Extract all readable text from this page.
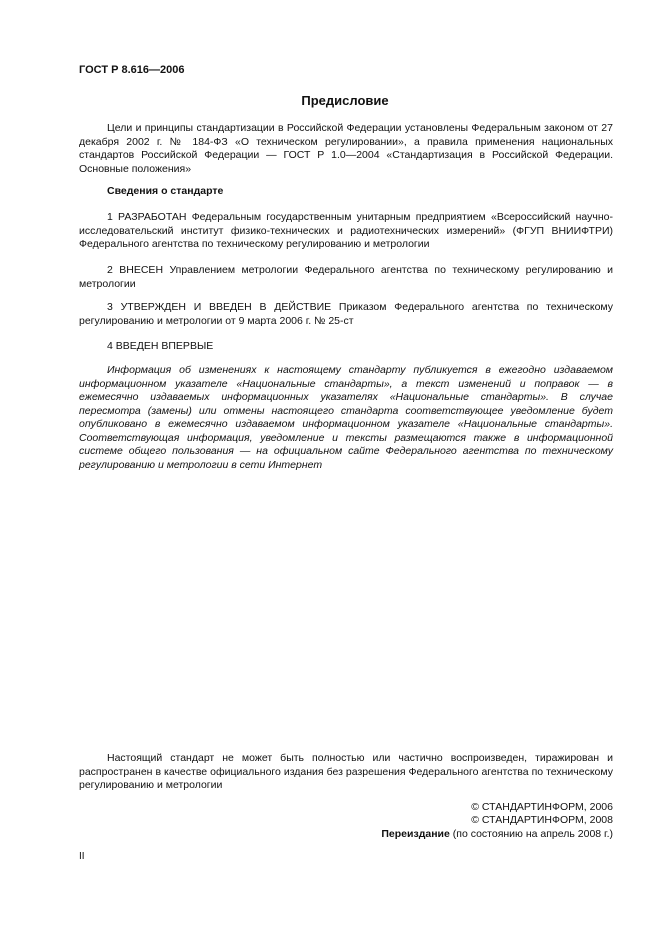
ГОСТ Р 8.616—2006
Предисловие
Цели и принципы стандартизации в Российской Федерации установлены Федеральным законом от 27 декабря 2002 г. № 184-ФЗ «О техническом регулировании», а правила применения национальных стандартов Российской Федерации — ГОСТ Р 1.0—2004 «Стандартизация в Российской Федерации. Основные положения»
Сведения о стандарте
1 РАЗРАБОТАН Федеральным государственным унитарным предприятием «Всероссийский научно-исследовательский институт физико-технических и радиотехнических измерений» (ФГУП ВНИИФТРИ) Федерального агентства по техническому регулированию и метрологии
2 ВНЕСЕН Управлением метрологии Федерального агентства по техническому регулированию и метрологии
3 УТВЕРЖДЕН И ВВЕДЕН В ДЕЙСТВИЕ Приказом Федерального агентства по техническому регулированию и метрологии от 9 марта 2006 г. № 25-ст
4 ВВЕДЕН ВПЕРВЫЕ
Информация об изменениях к настоящему стандарту публикуется в ежегодно издаваемом информационном указателе «Национальные стандарты», а текст изменений и поправок — в ежемесячно издаваемых информационных указателях «Национальные стандарты». В случае пересмотра (замены) или отмены настоящего стандарта соответствующее уведомление будет опубликовано в ежемесячно издаваемом информационном указателе «Национальные стандарты». Соответствующая информация, уведомление и тексты размещаются также в информационной системе общего пользования — на официальном сайте Федерального агентства по техническому регулированию и метрологии в сети Интернет
Настоящий стандарт не может быть полностью или частично воспроизведен, тиражирован и распространен в качестве официального издания без разрешения Федерального агентства по техническому регулированию и метрологии
© СТАНДАРТИНФОРМ, 2006
© СТАНДАРТИНФОРМ, 2008
Переиздание (по состоянию на апрель 2008 г.)
II
